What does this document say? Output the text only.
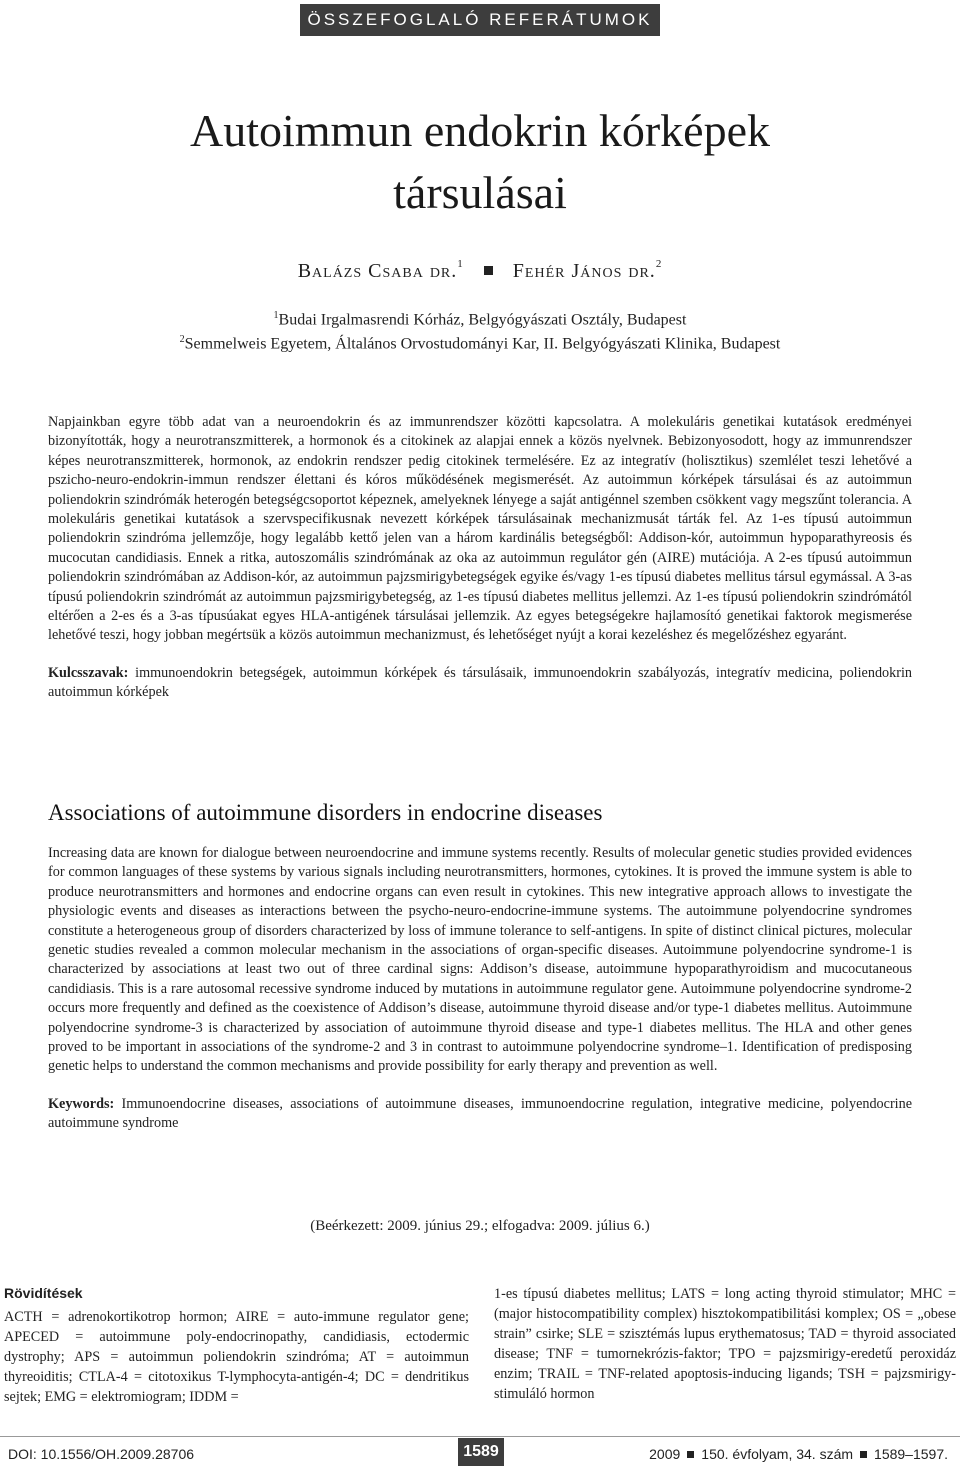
ÖSSZEFOGLALÓ REFERÁTUMOK
Autoimmun endokrin kórképek
társulásai
Balázs Csaba dr.$^1$ Fehér János dr.$^2$
$^1$Budai Irgalmasrendi Kórház, Belgyógyászati Osztály, Budapest
$^2$Semmelweis Egyetem, Általános Orvostudományi Kar, II. Belgyógyászati Klinika, Budapest
Napjainkban egyre több adat van a neuroendokrin és az immunrendszer közötti kapcsolatra. A molekuláris genetikai kutatások eredményei bizonyították, hogy a neurotranszmitterek, a hormonok és a citokinek az alapjai ennek a közös nyelvnek. Bebizonyosodott, hogy az immunrendszer képes neurotranszmitterek, hormonok, az endokrin rendszer pedig citokinek termelésére. Ez az integratív (holisztikus) szemlélet teszi lehetővé a pszicho-neuro-endokrin-immun rendszer élettani és kóros működésének megismerését. Az autoimmun kórképek társulásai és az autoimmun poliendokrin szindrómák heterogén betegségcsoportot képeznek, amelyeknek lényege a saját antigénnel szemben csökkent vagy megszűnt tolerancia. A molekuláris genetikai kutatások a szervspecifikusnak nevezett kórképek társulásainak mechanizmusát tárták fel. Az 1-es típusú autoimmun poliendokrin szindróma jellemzője, hogy legalább kettő jelen van a három kardinális betegségből: Addison-kór, autoimmun hypoparathyreosis és mucocutan candidiasis. Ennek a ritka, autoszomális szindrómának az oka az autoimmun regulátor gén (AIRE) mutációja. A 2-es típusú autoimmun poliendokrin szindrómában az Addison-kór, az autoimmun pajzsmirigybetegségek egyike és/vagy 1-es típusú diabetes mellitus társul egymással. A 3-as típusú poliendokrin szindrómát az autoimmun pajzsmirigybetegség, az 1-es típusú diabetes mellitus jellemzi. Az 1-es típusú poliendokrin szindrómától eltérően a 2-es és a 3-as típusúakat egyes HLA-antigének társulásai jellemzik. Az egyes betegségekre hajlamosító genetikai faktorok megismerése lehetővé teszi, hogy jobban megértsük a közös autoimmun mechanizmust, és lehetőséget nyújt a korai kezeléshez és megelőzéshez egyaránt.
Kulcsszavak: immunoendokrin betegségek, autoimmun kórképek és társulásaik, immunoendokrin szabályozás, integratív medicina, poliendokrin autoimmun kórképek
Associations of autoimmune disorders in endocrine diseases
Increasing data are known for dialogue between neuroendocrine and immune systems recently. Results of molecular genetic studies provided evidences for common languages of these systems by various signals including neurotransmitters, hormones, cytokines. It is proved the immune system is able to produce neurotransmitters and hormones and endocrine organs can even result in cytokines. This new integrative approach allows to investigate the physiologic events and diseases as interactions between the psycho-neuro-endocrine-immune systems. The autoimmune polyendocrine syndromes constitute a heterogeneous group of disorders characterized by loss of immune tolerance to self-antigens. In spite of distinct clinical pictures, molecular genetic studies revealed a common molecular mechanism in the associations of organ-specific diseases. Autoimmune polyendocrine syndrome-1 is characterized by associations at least two out of three cardinal signs: Addison’s disease, autoimmune hypoparathyroidism and mucocutaneous candidiasis. This is a rare autosomal recessive syndrome induced by mutations in autoimmune regulator gene. Autoimmune polyendocrine syndrome-2 occurs more frequently and defined as the coexistence of Addison’s disease, autoimmune thyroid disease and/or type-1 diabetes mellitus. Autoimmune polyendocrine syndrome-3 is characterized by association of autoimmune thyroid disease and type-1 diabetes mellitus. The HLA and other genes proved to be important in associations of the syndrome-2 and 3 in contrast to autoimmune polyendocrine syndrome–1. Identification of predisposing genetic helps to understand the common mechanisms and provide possibility for early therapy and prevention as well.
Keywords: Immunoendocrine diseases, associations of autoimmune diseases, immunoendocrine regulation, integrative medicine, polyendocrine autoimmune syndrome
(Beérkezett: 2009. június 29.; elfogadva: 2009. július 6.)
Rövidítések
ACTH = adrenokortikotrop hormon; AIRE = auto-immune regulator gene; APECED = autoimmune poly-endocrinopathy, candidiasis, ectodermic dystrophy; APS = autoimmun poliendokrin szindróma; AT = autoimmun thyreoiditis; CTLA-4 = citotoxikus T-lymphocyta-antigén-4; DC = dendritikus sejtek; EMG = elektromiogram; IDDM =
1-es típusú diabetes mellitus; LATS = long acting thyroid stimulator; MHC = (major histocompatibility complex) hisztokompatibilitási komplex; OS = „obese strain” csirke; SLE = szisztémás lupus erythematosus; TAD = thyroid associated disease; TNF = tumornekrózis-faktor; TPO = pajzsmirigy-eredetű peroxidáz enzim; TRAIL = TNF-related apoptosis-inducing ligands; TSH = pajzsmirigy-stimuláló hormon
DOI: 10.1556/OH.2009.28706	1589	2009 150. évfolyam, 34. szám 1589–1597.
